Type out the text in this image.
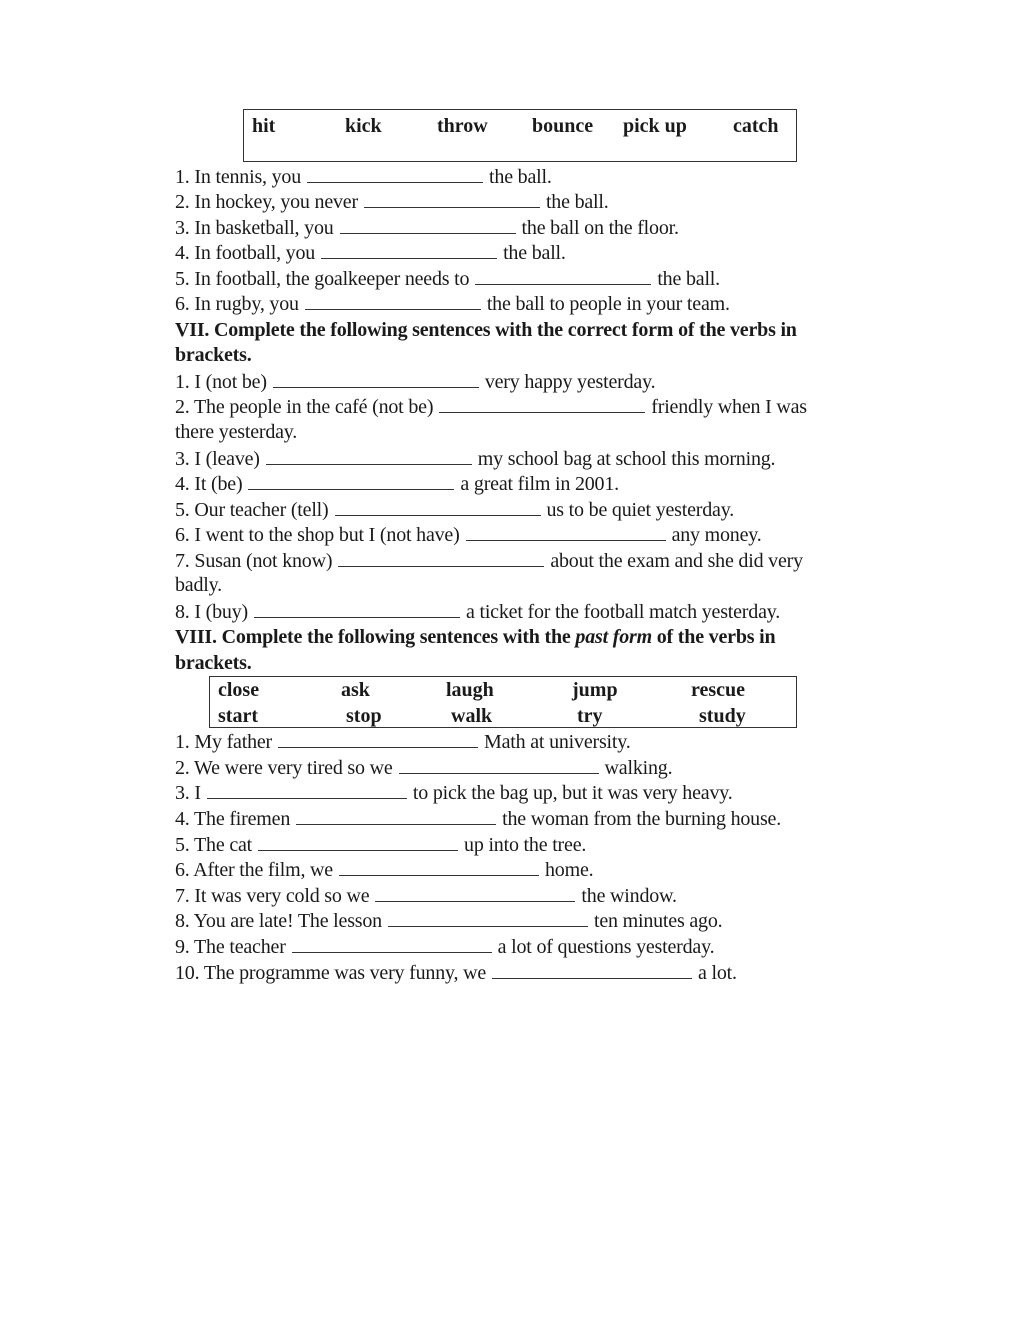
hit	kick	throw bounce pick up catch
1. In tennis, you	the ball.
2. In hockey, you never	the ball.
3. In basketball, you	the ball on the floor.
4. In football, you	the ball.
5. In football, the goalkeeper needs to	the ball.
6. In rugby, you	the ball to people in your team.
VII. Complete the following sentences with the correct form of the verbs in
brackets.
1. I (not be)	very happy yesterday.
2. The people in the café (not be)	friendly when I was
there yesterday.
3. I (leave)	my school bag at school this morning.
4. It (be)	a great film in 2001.
5. Our teacher (tell)	us to be quiet yesterday.
6. I went to the shop but I (not have)	any money.
7. Susan (not know)	about the exam and she did very
badly.
8. I (buy)	a ticket for the football match yesterday.
VIII. Complete the following sentences with the past form of the verbs in
brackets.
close	ask	laugh	jump	rescue
start	stop	walk	try	study
1. My father	Math at university.
2. We were very tired so we	walking.
3. I	to pick the bag up, but it was very heavy.
4. The firemen	the woman from the burning house.
5. The cat	up into the tree.
6. After the film, we	home.
7. It was very cold so we	the window.
8. You are late! The lesson	ten minutes ago.
9. The teacher	a lot of questions yesterday.
10. The programme was very funny, we	a lot.
